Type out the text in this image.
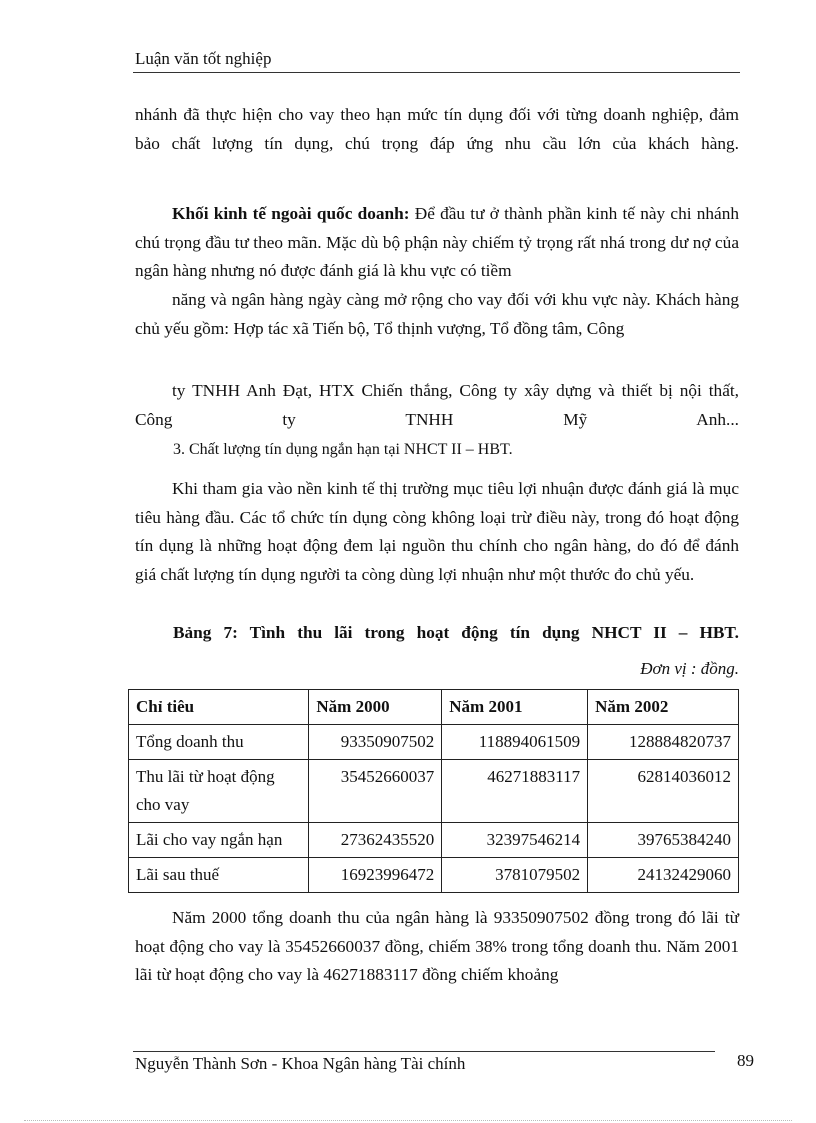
Luận văn tốt nghiệp
nhánh đã thực hiện cho vay theo hạn mức tín dụng đối với từng doanh nghiệp, đảm bảo chất lượng tín dụng, chú trọng đáp ứng nhu cầu lớn của khách hàng.
Khối kinh tế ngoài quốc doanh: Để đầu tư ở thành phần kinh tế này chi nhánh chú trọng đầu tư theo mãn. Mặc dù bộ phận này chiếm tỷ trọng rất nhá trong dư nợ của ngân hàng nhưng nó được đánh giá là khu vực có tiềm
năng và ngân hàng ngày càng mở rộng cho vay đối với khu vực này. Khách hàng chủ yếu gồm: Hợp tác xã Tiến bộ, Tổ thịnh vượng, Tổ đồng tâm, Công
ty TNHH Anh Đạt, HTX Chiến thắng, Công ty xây dựng và thiết bị nội thất, Công ty TNHH Mỹ Anh...
3. Chất lượng tín dụng ngắn hạn tại NHCT II – HBT.
Khi tham gia vào nền kinh tế thị trường mục tiêu lợi nhuận được đánh giá là mục tiêu hàng đầu. Các tổ chức tín dụng còng không loại trừ điều này, trong đó hoạt động tín dụng là những hoạt động đem lại nguồn thu chính cho ngân hàng, do đó để đánh giá chất lượng tín dụng người ta còng dùng lợi nhuận như một thước đo chủ yếu.
Bảng 7: Tình thu lãi trong hoạt động tín dụng NHCT II – HBT.
Đơn vị : đồng.
Chỉ tiêu	Năm 2000	Năm 2001	Năm 2002
Tổng doanh thu	93350907502	118894061509	128884820737
Thu lãi từ hoạt động cho vay	35452660037	46271883117	62814036012
Lãi cho vay ngắn hạn	27362435520	32397546214	39765384240
Lãi sau thuế	16923996472	3781079502	24132429060
Năm 2000 tổng doanh thu của ngân hàng là 93350907502 đồng trong đó lãi từ hoạt động cho vay là 35452660037 đồng, chiếm 38% trong tổng doanh thu. Năm 2001 lãi từ hoạt động cho vay là 46271883117 đồng chiếm khoảng
Nguyễn Thành Sơn - Khoa Ngân hàng Tài chính	89
